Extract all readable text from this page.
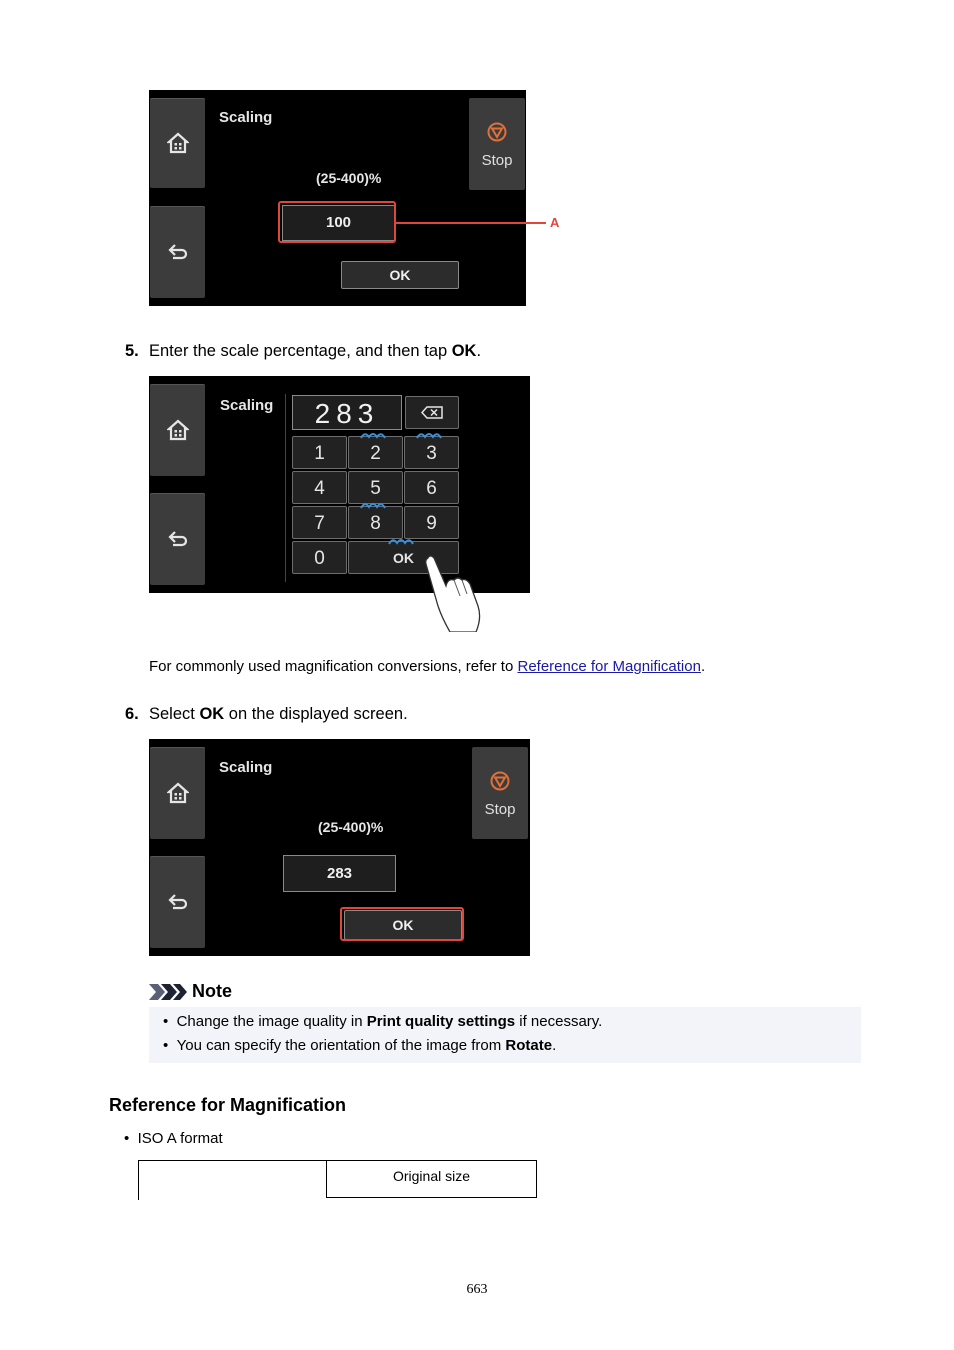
Scaling
(25-400)%
100
OK
Stop
A
5. Enter the scale percentage, and then tap OK.
Scaling	283
1	2	3
4	5	6
7	8	9
0	OK
For commonly used magnification conversions, refer to Reference for Magnification.
6. Select OK on the displayed screen.
Scaling
(25-400)%
283
OK
Stop
Note
•  Change the image quality in Print quality settings if necessary.
•  You can specify the orientation of the image from Rotate.
Reference for Magnification
•  ISO A format
Original size
663
